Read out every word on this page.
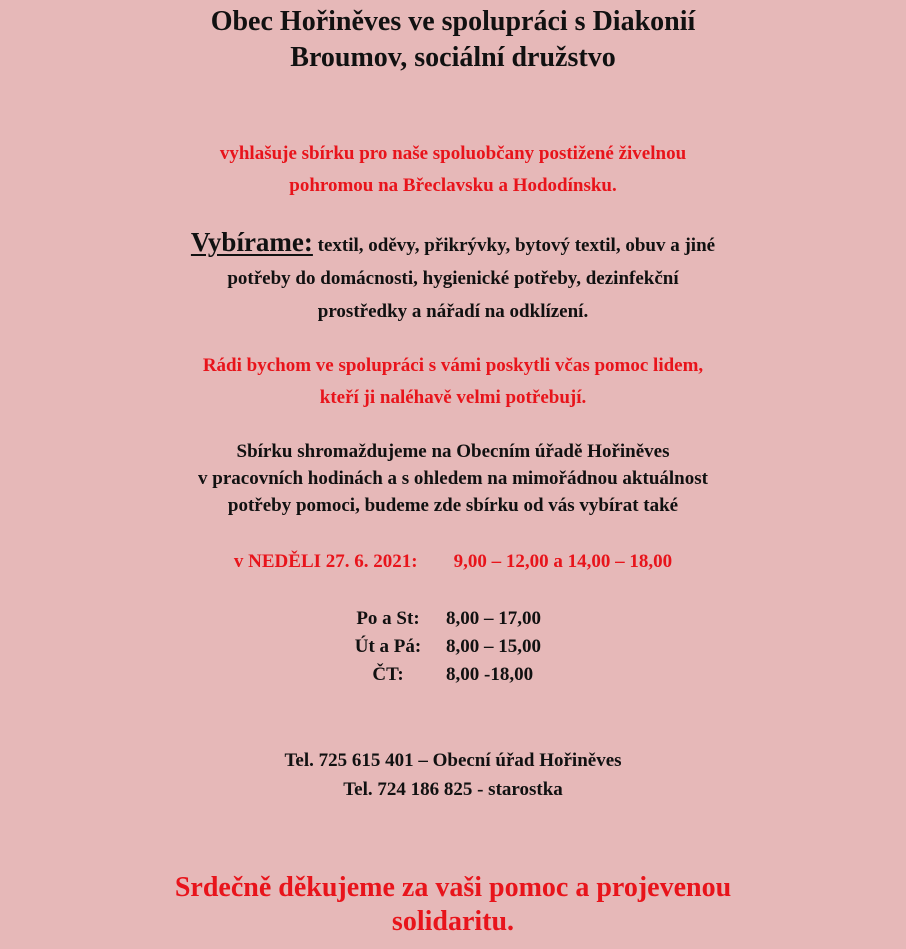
Obec Hořiněves ve spolupráci s Diakonií
Broumov, sociální družstvo
vyhlašuje sbírku pro naše spoluobčany postižené živelnou
pohromou na Břeclavsku a Hododínsku.
Vybírame: textil, oděvy, přikrývky, bytový textil, obuv a jiné
potřeby do domácnosti, hygienické potřeby, dezinfekční
prostředky a nářadí na odklízení.
Rádi bychom ve spolupráci s vámi poskytli včas pomoc lidem,
kteří ji naléhavě velmi potřebují.
Sbírku shromaždujeme na Obecním úřadě Hořiněves
v pracovních hodinách a s ohledem na mimořádnou aktuálnost
potřeby pomoci, budeme zde sbírku od vás vybírat také
v NEDĚLI 27. 6. 2021: 9,00 – 12,00 a 14,00 – 18,00
Po a St:	8,00 – 17,00
Út a Pá:	8,00 – 15,00
ČT:	8,00 -18,00
Tel. 725 615 401 – Obecní úřad Hořiněves
Tel. 724 186 825 - starostka
Srdečně děkujeme za vaši pomoc a projevenou
solidaritu.
